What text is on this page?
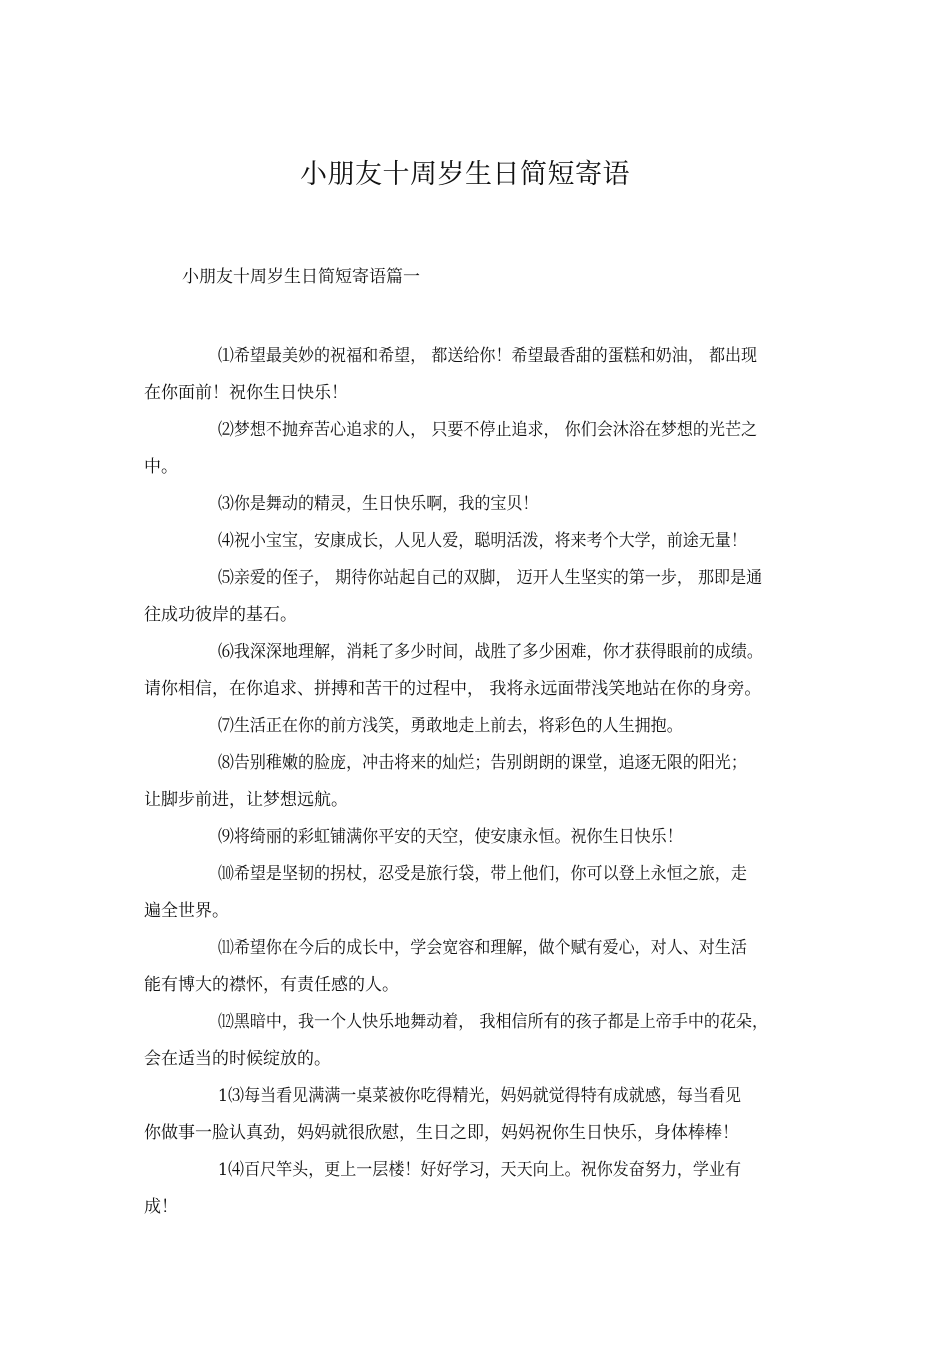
小朋友十周岁生日简短寄语
小朋友十周岁生日简短寄语篇一

⑴希望最美妙的祝福和希望， 都送给你！希望最香甜的蛋糕和奶油， 都出现
在你面前！祝你生日快乐！

⑵梦想不抛弃苦心追求的人， 只要不停止追求， 你们会沐浴在梦想的光芒之
中。

⑶你是舞动的精灵，生日快乐啊，我的宝贝！

⑷祝小宝宝，安康成长，人见人爱，聪明活泼，将来考个大学，前途无量！

⑸亲爱的侄子， 期待你站起自己的双脚， 迈开人生坚实的第一步， 那即是通
往成功彼岸的基石。

⑹我深深地理解，消耗了多少时间，战胜了多少困难，你才获得眼前的成绩。
请你相信，在你追求、拼搏和苦干的过程中， 我将永远面带浅笑地站在你的身旁。

⑺生活正在你的前方浅笑，勇敢地走上前去，将彩色的人生拥抱。

⑻告别稚嫩的脸庞，冲击将来的灿烂；告别朗朗的课堂，追逐无限的阳光；
让脚步前进，让梦想远航。

⑼将绮丽的彩虹铺满你平安的天空，使安康永恒。祝你生日快乐！

⑽希望是坚韧的拐杖，忍受是旅行袋，带上他们，你可以登上永恒之旅，走
遍全世界。

⑾希望你在今后的成长中，学会宽容和理解，做个赋有爱心，对人、对生活
能有博大的襟怀，有责任感的人。

⑿黑暗中，我一个人快乐地舞动着， 我相信所有的孩子都是上帝手中的花朵，
会在适当的时候绽放的。

1⑶每当看见满满一桌菜被你吃得精光，妈妈就觉得特有成就感，每当看见
你做事一脸认真劲，妈妈就很欣慰，生日之即，妈妈祝你生日快乐，身体棒棒！

1⑷百尺竿头，更上一层楼！好好学习，天天向上。祝你发奋努力，学业有
成！
